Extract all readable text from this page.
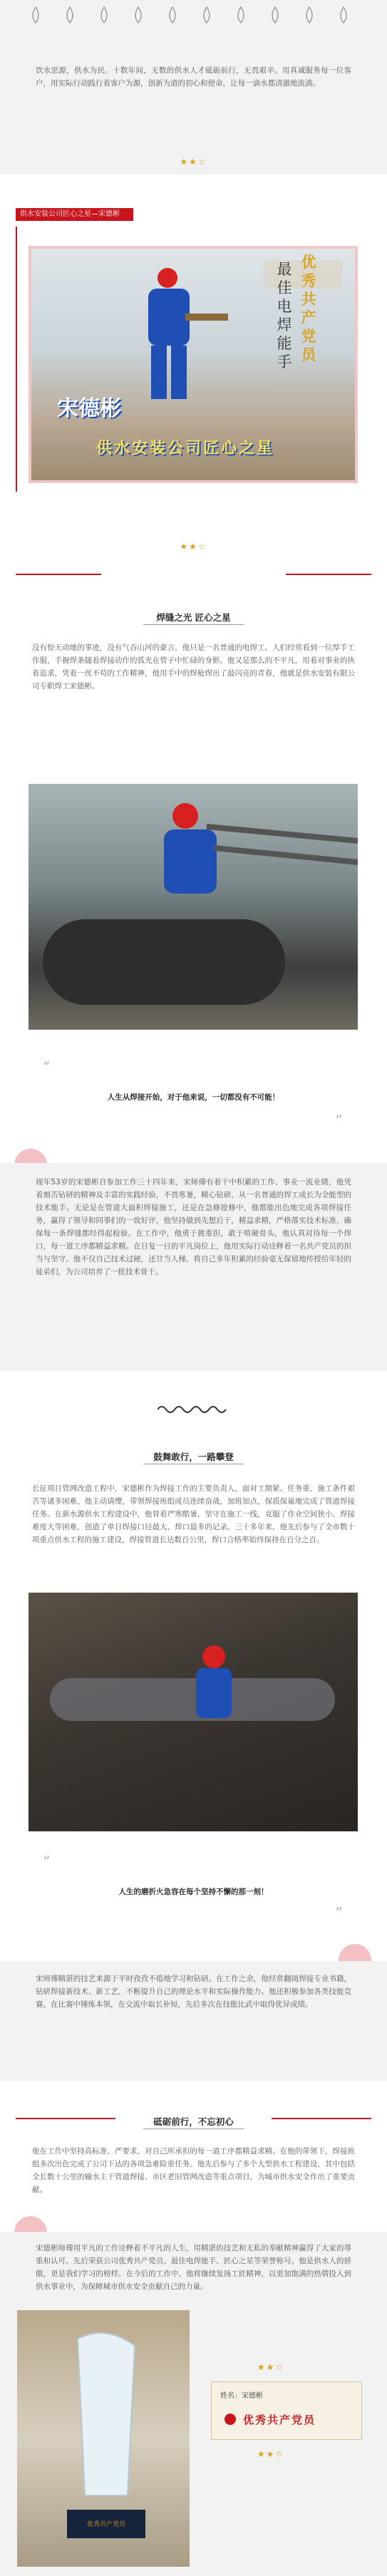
饮水思源，供水为民。十数年间，无数的供水人才砥砺前行，无畏艰辛。用真诚服务每一位客户，用实际行动践行着客户为源，创新为道的初心和使命，让每一滴水都清澈地流淌。
★★☆
供水安装公司匠心之星—宋德彬
优秀共产党员
最佳电焊能手
宋德彬
供水安装公司匠心之星
★★☆
焊缝之光 匠心之星
没有惊天动地的事迹，没有气吞山河的豪言，他只是一名普通的电焊工。人们经常看到一位厚手工作服，手握焊条随着焊接动作的弧光在管子中忙碌的身影。他又是那么的不平凡，用着对事业的执着追求，凭着一丝不苟的工作精神，他用手中的焊枪焊出了最闪亮的青春，他就是供水安装有限公司专职焊工宋德彬。
“
人生从焊接开始，对于他来说，一切都没有不可能！
”
现年53岁的宋德彬自参加工作三十四年来，宋师傅有着干中积累的工作、事业一流业绩，他凭着刻苦钻研的精神及丰富的实践经验，不畏寒暑，精心钻研，从一名普通的焊工成长为全能型的技术能手。无论是在管道大面积焊接施工，还是在急修抢修中，他都能出色地完成各项焊接任务，赢得了领导和同事们的一致好评。他坚持做到先想后干，精益求精，严格落实技术标准，确保每一条焊缝都经得起检验。在工作中，他勇于挑重担，敢于啃硬骨头，他认真对待每一个焊口，每一道工序都精益求精。在日复一日的平凡岗位上，他用实际行动诠释着一名共产党员的担当与坚守。他不仅自己技术过硬，还甘当人梯，将自己多年积累的经验毫无保留地传授给年轻的徒弟们，为公司培养了一批技术骨干。
鼓舞敢行，一路攀登
长征项目管网改造工程中，宋德彬作为焊接工作的主要负责人，面对工期紧、任务重、施工条件艰苦等诸多困难，他主动请缨，带领焊接班组成员连续奋战，加班加点，保质保量地完成了管道焊接任务。在新水源供水工程建设中，他冒着严寒酷暑，坚守在施工一线，克服了作业空间狭小、焊接难度大等困难，创造了单日焊接口径最大、焊口最多的记录。三十多年来，他先后参与了全市数十项重点供水工程的施工建设，焊接管道长达数百公里，焊口合格率始终保持在百分之百。
“
人生的磨折火急容在每个坚持不懈的那一刻！
”
宋师傅精湛的技艺来源于平时孜孜不倦地学习和钻研。在工作之余，他经常翻阅焊接专业书籍，钻研焊接新技术、新工艺，不断提升自己的理论水平和实际操作能力。他还积极参加各类技能竞赛，在比赛中锤炼本领，在交流中取长补短，先后多次在技能比武中取得优异成绩。
砥砺前行，不忘初心
他在工作中坚持高标准、严要求，对自己所承担的每一道工序都精益求精。在他的带领下，焊接班组多次出色完成了公司下达的各项急难险重任务。他先后参与了多个大型供水工程建设，其中包括全长数十公里的输水主干管道焊接、市区老旧管网改造等重点项目，为城市供水安全作出了重要贡献。
宋德彬师傅用平凡的工作诠释着不平凡的人生，用精湛的技艺和无私的奉献精神赢得了大家的尊重和认可。先后荣获公司优秀共产党员、最佳电焊能手、匠心之星等荣誉称号。他是供水人的骄傲，更是我们学习的榜样。在今后的工作中，他将继续发扬工匠精神，以更加饱满的热情投入到供水事业中，为保障城市供水安全贡献自己的力量。
优秀共产党员
★★☆
姓名：宋德彬
优秀共产党员
★★☆
